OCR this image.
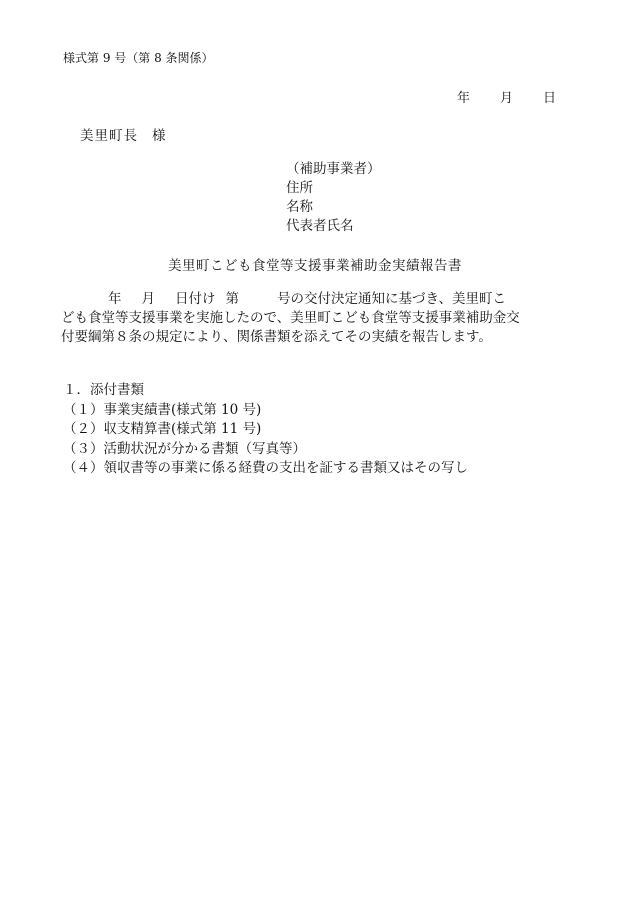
様式第 9 号（第 8 条関係）
年 月 日
美里町長 様
（補助事業者）
住所
名称
代表者氏名
美里町こども食堂等支援事業補助金実績報告書
年 月 日付け 第	号の交付決定通知に基づき、美里町こ
ども食堂等支援事業を実施したので、美里町こども食堂等支援事業補助金交
付要綱第８条の規定により、関係書類を添えてその実績を報告します。
１．添付書類
（１）事業実績書(様式第 10 号)
（２）収支精算書(様式第 11 号)
（３）活動状況が分かる書類（写真等）
（４）領収書等の事業に係る経費の支出を証する書類又はその写し
